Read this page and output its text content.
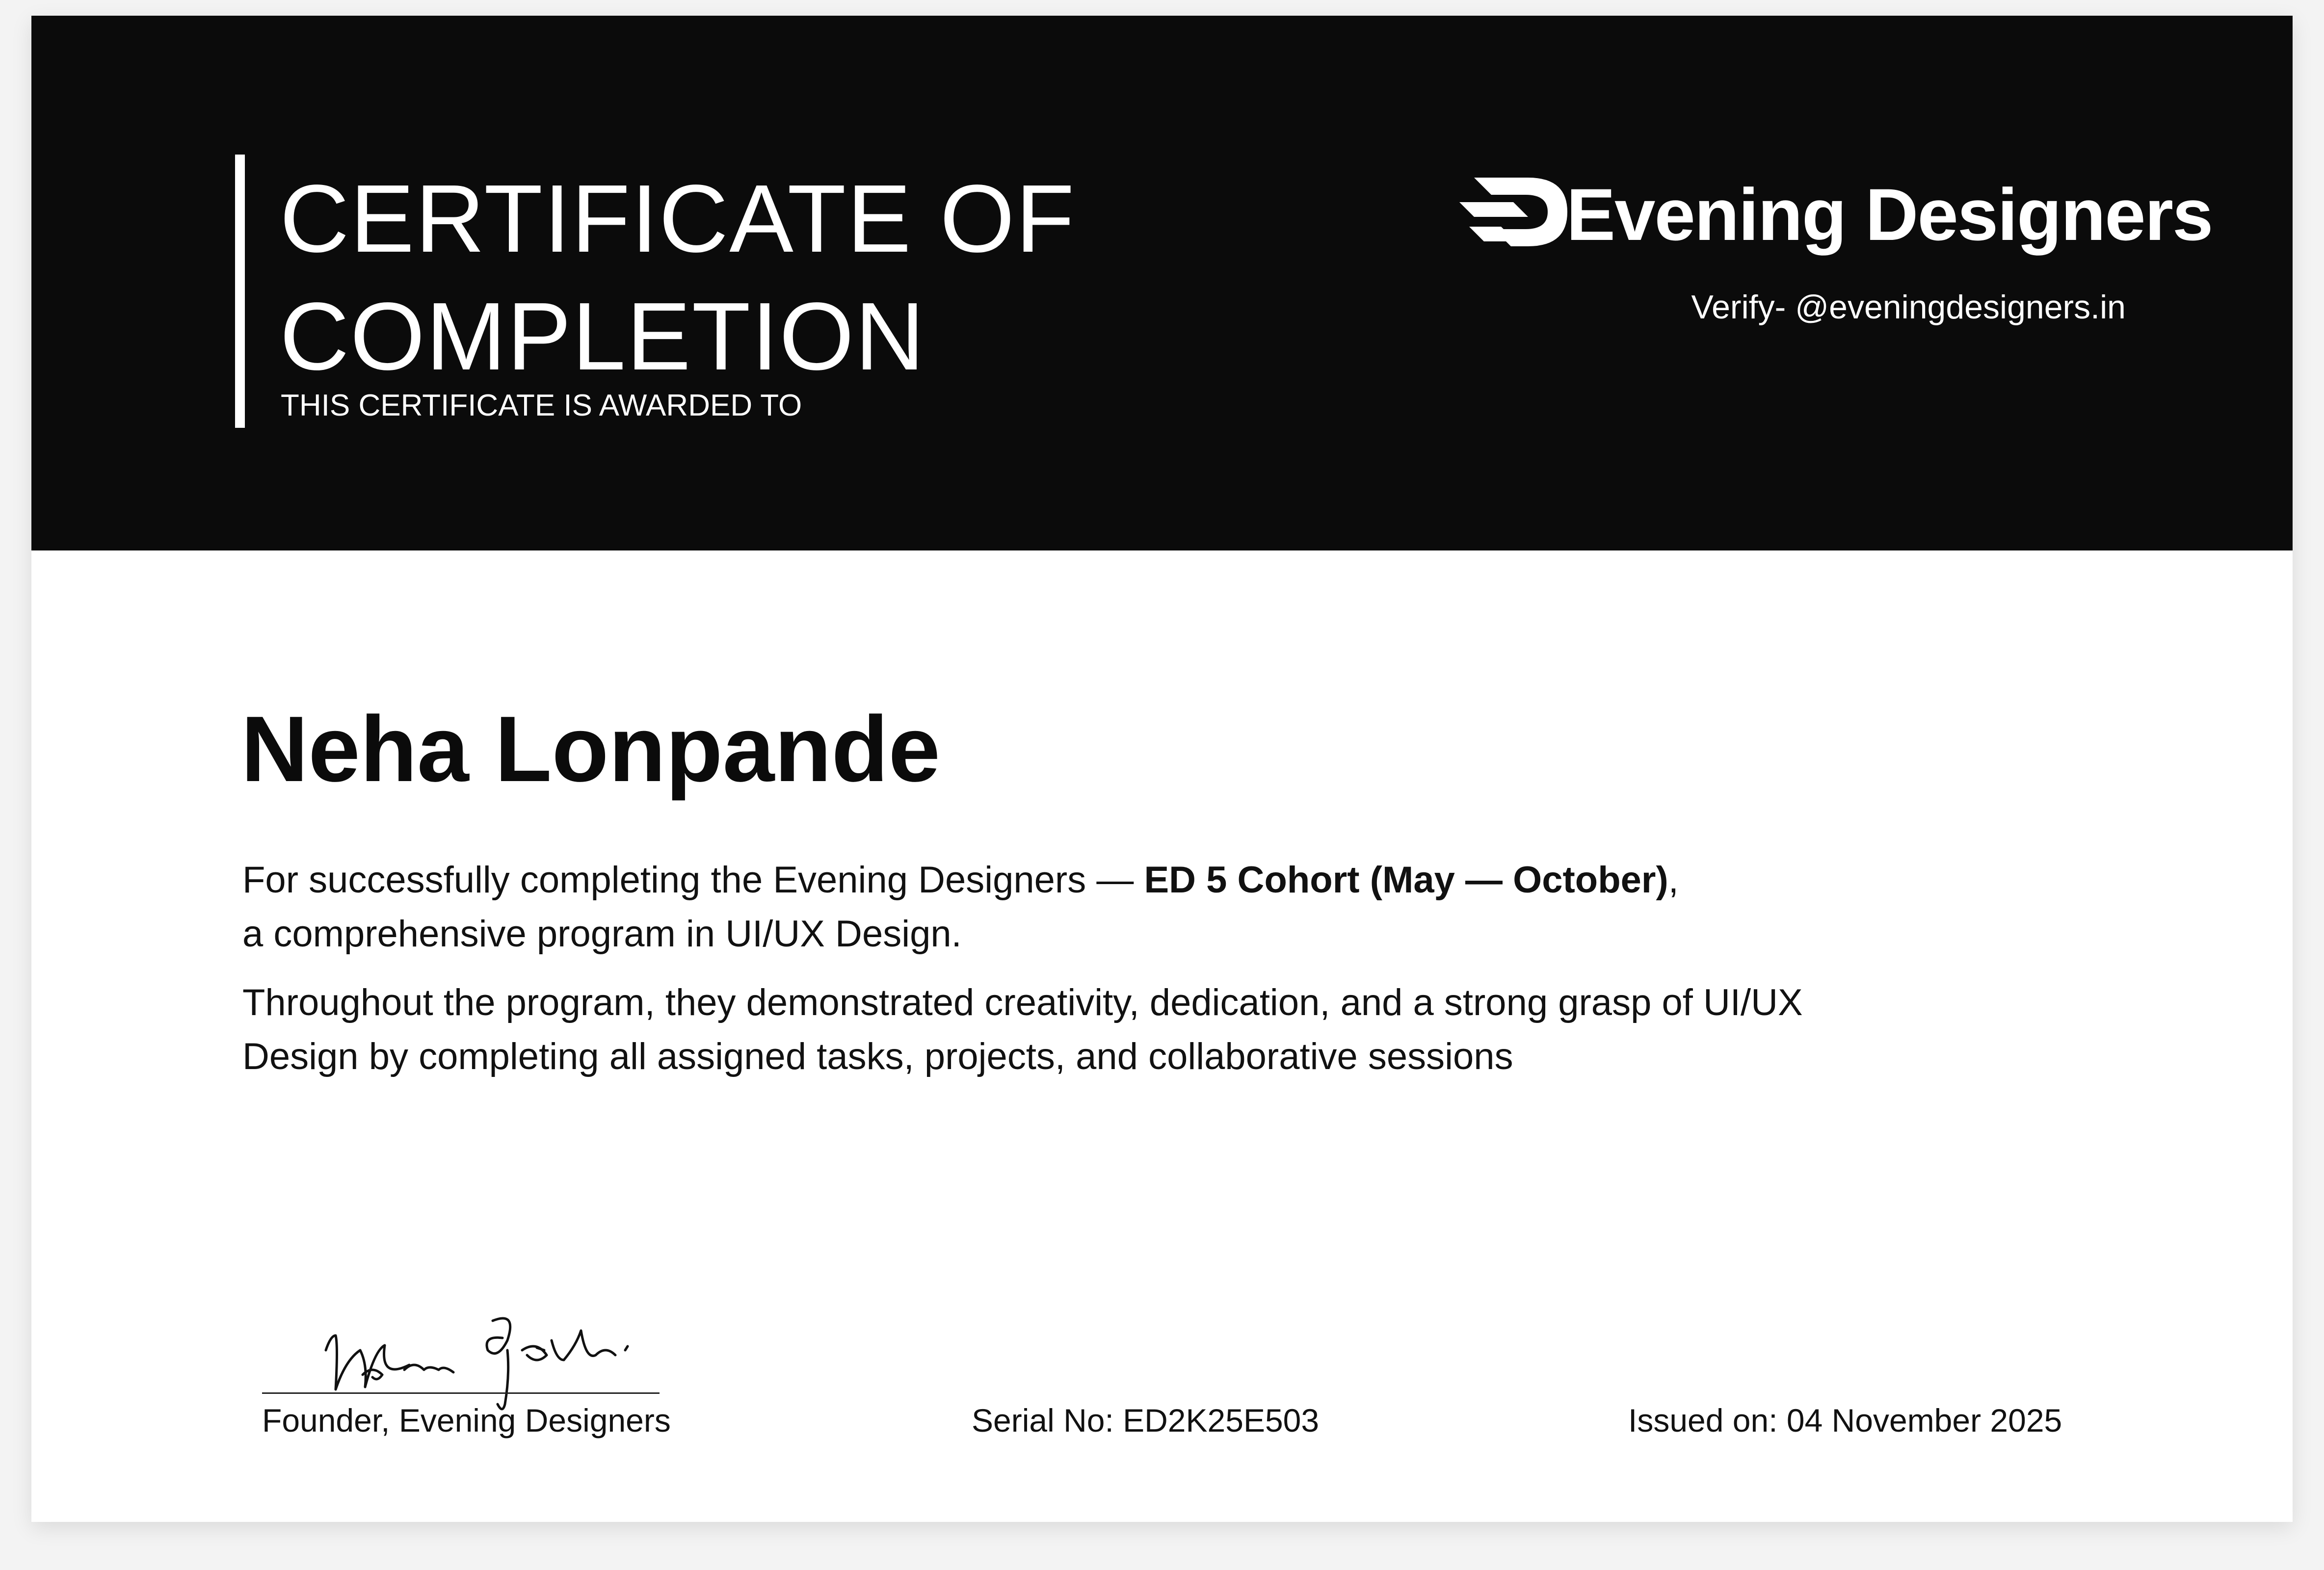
CERTIFICATE OF
COMPLETION
THIS CERTIFICATE IS AWARDED TO
Evening Designers
Verify- @eveningdesigners.in
Neha Lonpande
For successfully completing the Evening Designers — ED 5 Cohort (May — October),
a comprehensive program in UI/UX Design.
Throughout the program, they demonstrated creativity, dedication, and a strong grasp of UI/UX
Design by completing all assigned tasks, projects, and collaborative sessions
Founder, Evening Designers	Serial No: ED2K25E503	Issued on: 04 November 2025
